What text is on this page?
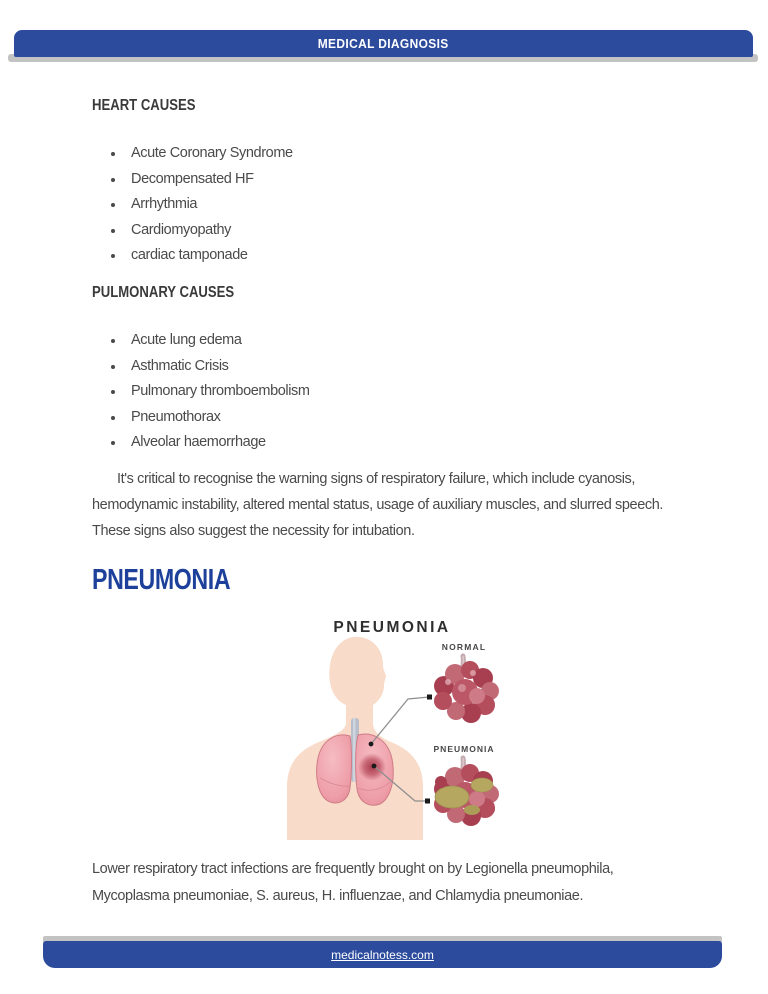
MEDICAL DIAGNOSIS
HEART CAUSES
• Acute Coronary Syndrome
• Decompensated HF
• Arrhythmia
• Cardiomyopathy
• cardiac tamponade
PULMONARY CAUSES
• Acute lung edema
• Asthmatic Crisis
• Pulmonary thromboembolism
• Pneumothorax
• Alveolar haemorrhage

It's critical to recognise the warning signs of respiratory failure, which include cyanosis, hemodynamic instability, altered mental status, usage of auxiliary muscles, and slurred speech. These signs also suggest the necessity for intubation.

PNEUMONIA
PNEUMONIA
NORMAL
PNEUMONIA

Lower respiratory tract infections are frequently brought on by Legionella pneumophila, Mycoplasma pneumoniae, S. aureus, H. influenzae, and Chlamydia pneumoniae.

medicalnotess.com
